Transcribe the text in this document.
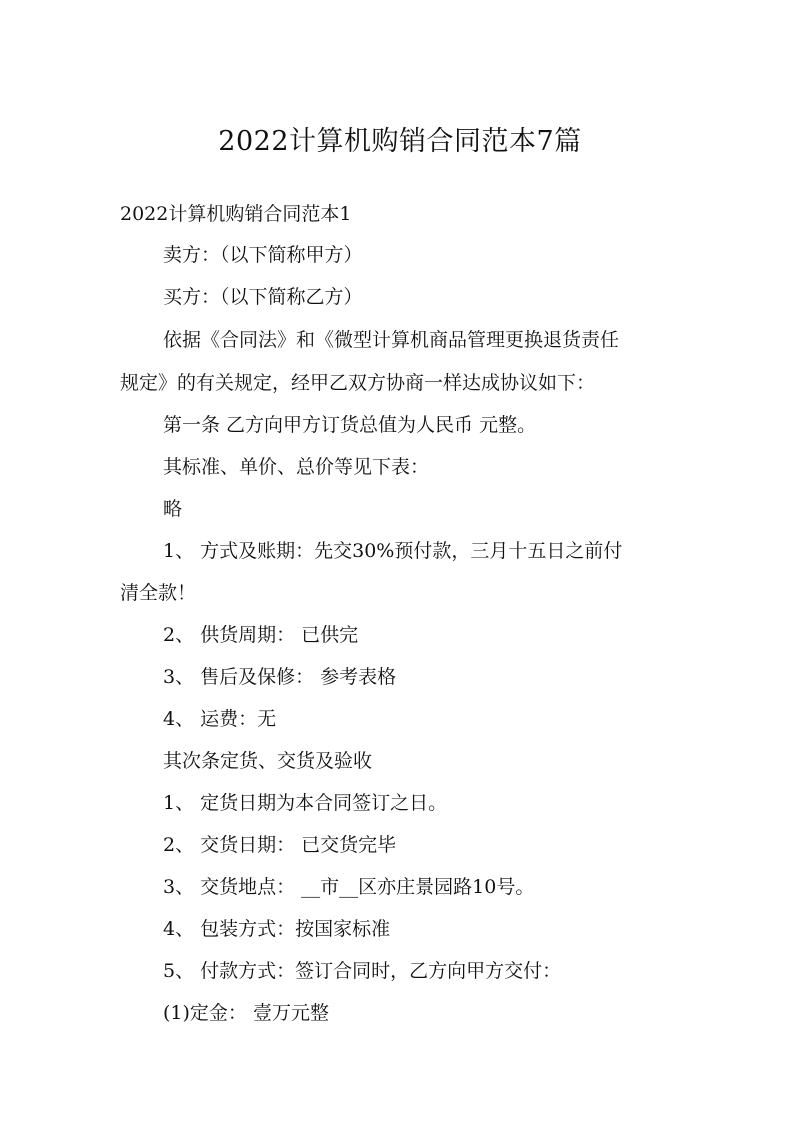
2022计算机购销合同范本7篇
2022计算机购销合同范本1
卖方：（以下简称甲方）
买方：（以下简称乙方）
依据《合同法》和《微型计算机商品管理更换退货责任
规定》的有关规定，经甲乙双方协商一样达成协议如下：
第一条 乙方向甲方订货总值为人民币 元整。
其标准、单价、总价等见下表：
略
1、 方式及账期：先交30%预付款，三月十五日之前付
清全款！
2、 供货周期： 已供完
3、 售后及保修： 参考表格
4、 运费：无
其次条定货、交货及验收
1、 定货日期为本合同签订之日。
2、 交货日期： 已交货完毕
3、 交货地点： __市__区亦庄景园路10号。
4、 包装方式：按国家标准
5、 付款方式：签订合同时，乙方向甲方交付：
(1)定金： 壹万元整
